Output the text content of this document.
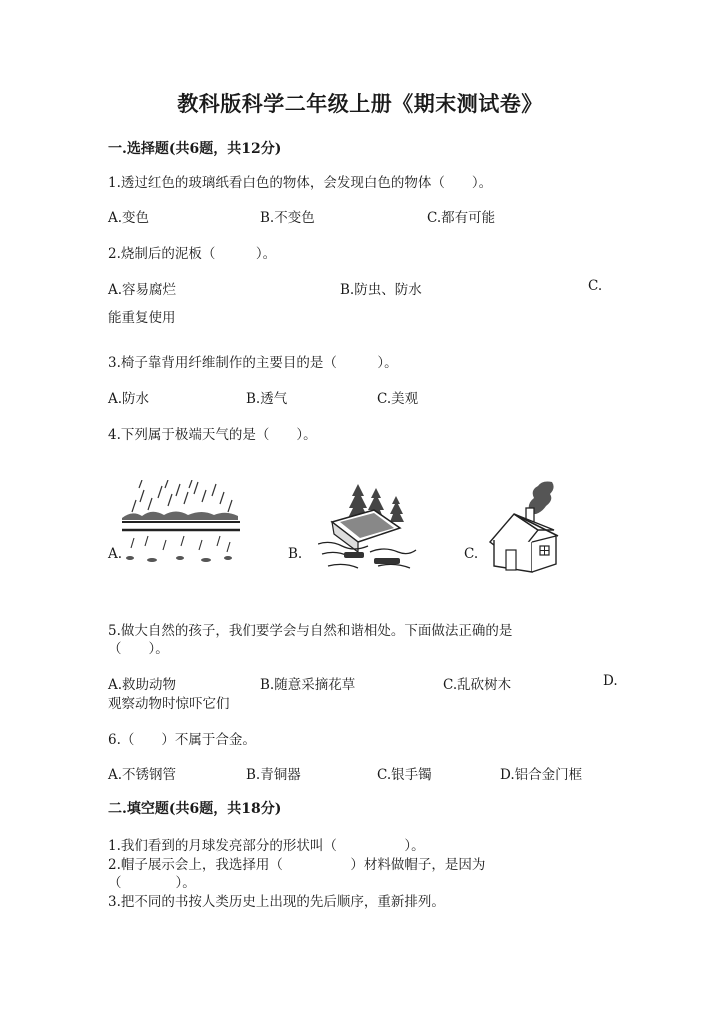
教科版科学二年级上册《期末测试卷》
一.选择题(共6题，共12分)
1.透过红色的玻璃纸看白色的物体，会发现白色的物体（　　）。
A.变色	B.不变色	C.都有可能
2.烧制后的泥板（　　　）。
A.容易腐烂	B.防虫、防水	C.
能重复使用
3.椅子靠背用纤维制作的主要目的是（　　　）。
A.防水	B.透气	C.美观
4.下列属于极端天气的是（　　）。
A.	B.	C.
5.做大自然的孩子，我们要学会与自然和谐相处。下面做法正确的是
（　　）。
A.救助动物	B.随意采摘花草	C.乱砍树木	D.
观察动物时惊吓它们
6.（　　）不属于合金。
A.不锈钢管	B.青铜器	C.银手镯	D.铝合金门框
二.填空题(共6题，共18分)
1.我们看到的月球发亮部分的形状叫（　　　　　）。
2.帽子展示会上，我选择用（　　　　　）材料做帽子，是因为
（　　　　）。
3.把不同的书按人类历史上出现的先后顺序，重新排列。
